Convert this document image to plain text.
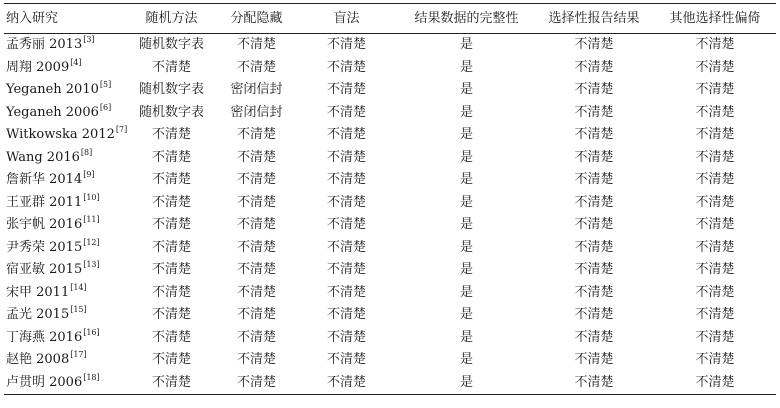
纳入研究	随机方法	分配隐藏	盲法	结果数据的完整性	选择性报告结果	其他选择性偏倚
孟秀丽 2013[3]	随机数字表	不清楚	不清楚	是	不清楚	不清楚
周翔 2009[4]	不清楚	不清楚	不清楚	是	不清楚	不清楚
Yeganeh 2010[5]	随机数字表	密闭信封	不清楚	是	不清楚	不清楚
Yeganeh 2006[6]	随机数字表	密闭信封	不清楚	是	不清楚	不清楚
Witkowska 2012[7]	不清楚	不清楚	不清楚	是	不清楚	不清楚
Wang 2016[8]	不清楚	不清楚	不清楚	是	不清楚	不清楚
詹新华 2014[9]	不清楚	不清楚	不清楚	是	不清楚	不清楚
王亚群 2011[10]	不清楚	不清楚	不清楚	是	不清楚	不清楚
张宇帆 2016[11]	不清楚	不清楚	不清楚	是	不清楚	不清楚
尹秀荣 2015[12]	不清楚	不清楚	不清楚	是	不清楚	不清楚
宿亚敏 2015[13]	不清楚	不清楚	不清楚	是	不清楚	不清楚
宋甲 2011[14]	不清楚	不清楚	不清楚	是	不清楚	不清楚
孟光 2015[15]	不清楚	不清楚	不清楚	是	不清楚	不清楚
丁海燕 2016[16]	不清楚	不清楚	不清楚	是	不清楚	不清楚
赵艳 2008[17]	不清楚	不清楚	不清楚	是	不清楚	不清楚
卢贯明 2006[18]	不清楚	不清楚	不清楚	是	不清楚	不清楚
